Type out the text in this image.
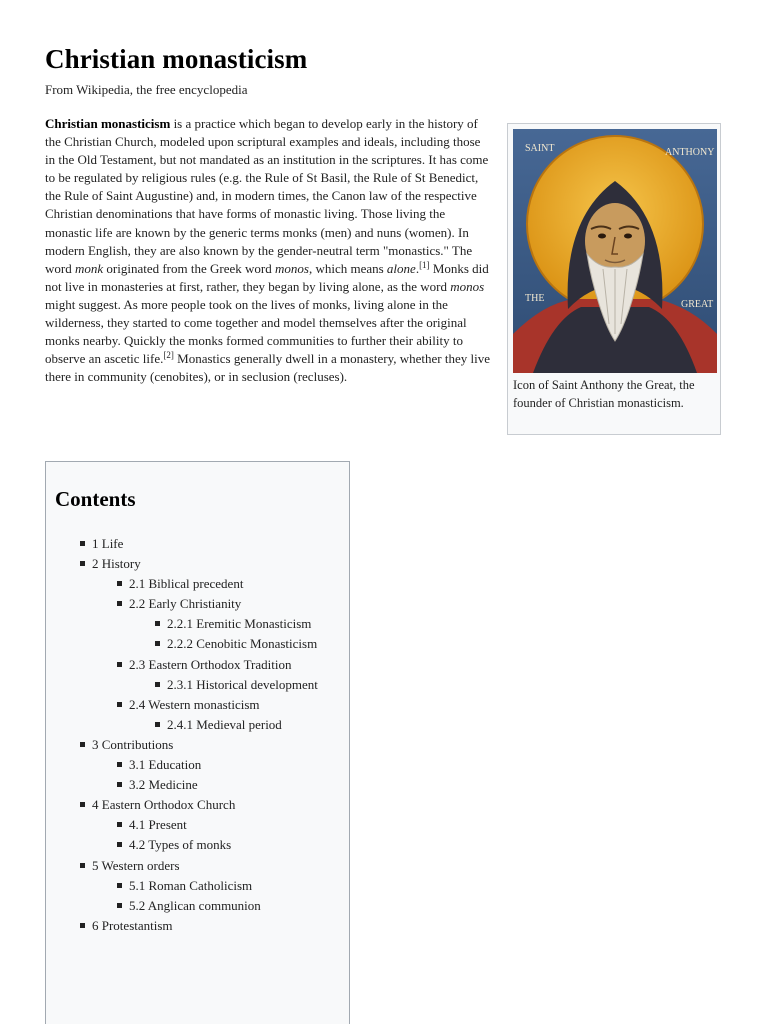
Christian monasticism
From Wikipedia, the free encyclopedia

Christian monasticism is a practice which began to develop early in the history of the Christian Church, modeled upon scriptural examples and ideals, including those in the Old Testament, but not mandated as an institution in the scriptures. It has come to be regulated by religious rules (e.g. the Rule of St Basil, the Rule of St Benedict, the Rule of Saint Augustine) and, in modern times, the Canon law of the respective Christian denominations that have forms of monastic living. Those living the monastic life are known by the generic terms monks (men) and nuns (women). In modern English, they are also known by the gender-neutral term "monastics." The word monk originated from the Greek word monos, which means alone.[1] Monks did not live in monasteries at first, rather, they began by living alone, as the word monos might suggest. As more people took on the lives of monks, living alone in the wilderness, they started to come together and model themselves after the original monks nearby. Quickly the monks formed communities to further their ability to observe an ascetic life.[2] Monastics generally dwell in a monastery, whether they live there in community (cenobites), or in seclusion (recluses).

SAINT	ANTHONY
THE
GREAT
Icon of Saint Anthony the Great, the founder of Christian monasticism.
Contents
1 Life
2 History
2.1 Biblical precedent
2.2 Early Christianity
2.2.1 Eremitic Monasticism
2.2.2 Cenobitic Monasticism
2.3 Eastern Orthodox Tradition
2.3.1 Historical development
2.4 Western monasticism
2.4.1 Medieval period
3 Contributions
3.1 Education
3.2 Medicine
4 Eastern Orthodox Church
4.1 Present
4.2 Types of monks
5 Western orders
5.1 Roman Catholicism
5.2 Anglican communion
6 Protestantism
